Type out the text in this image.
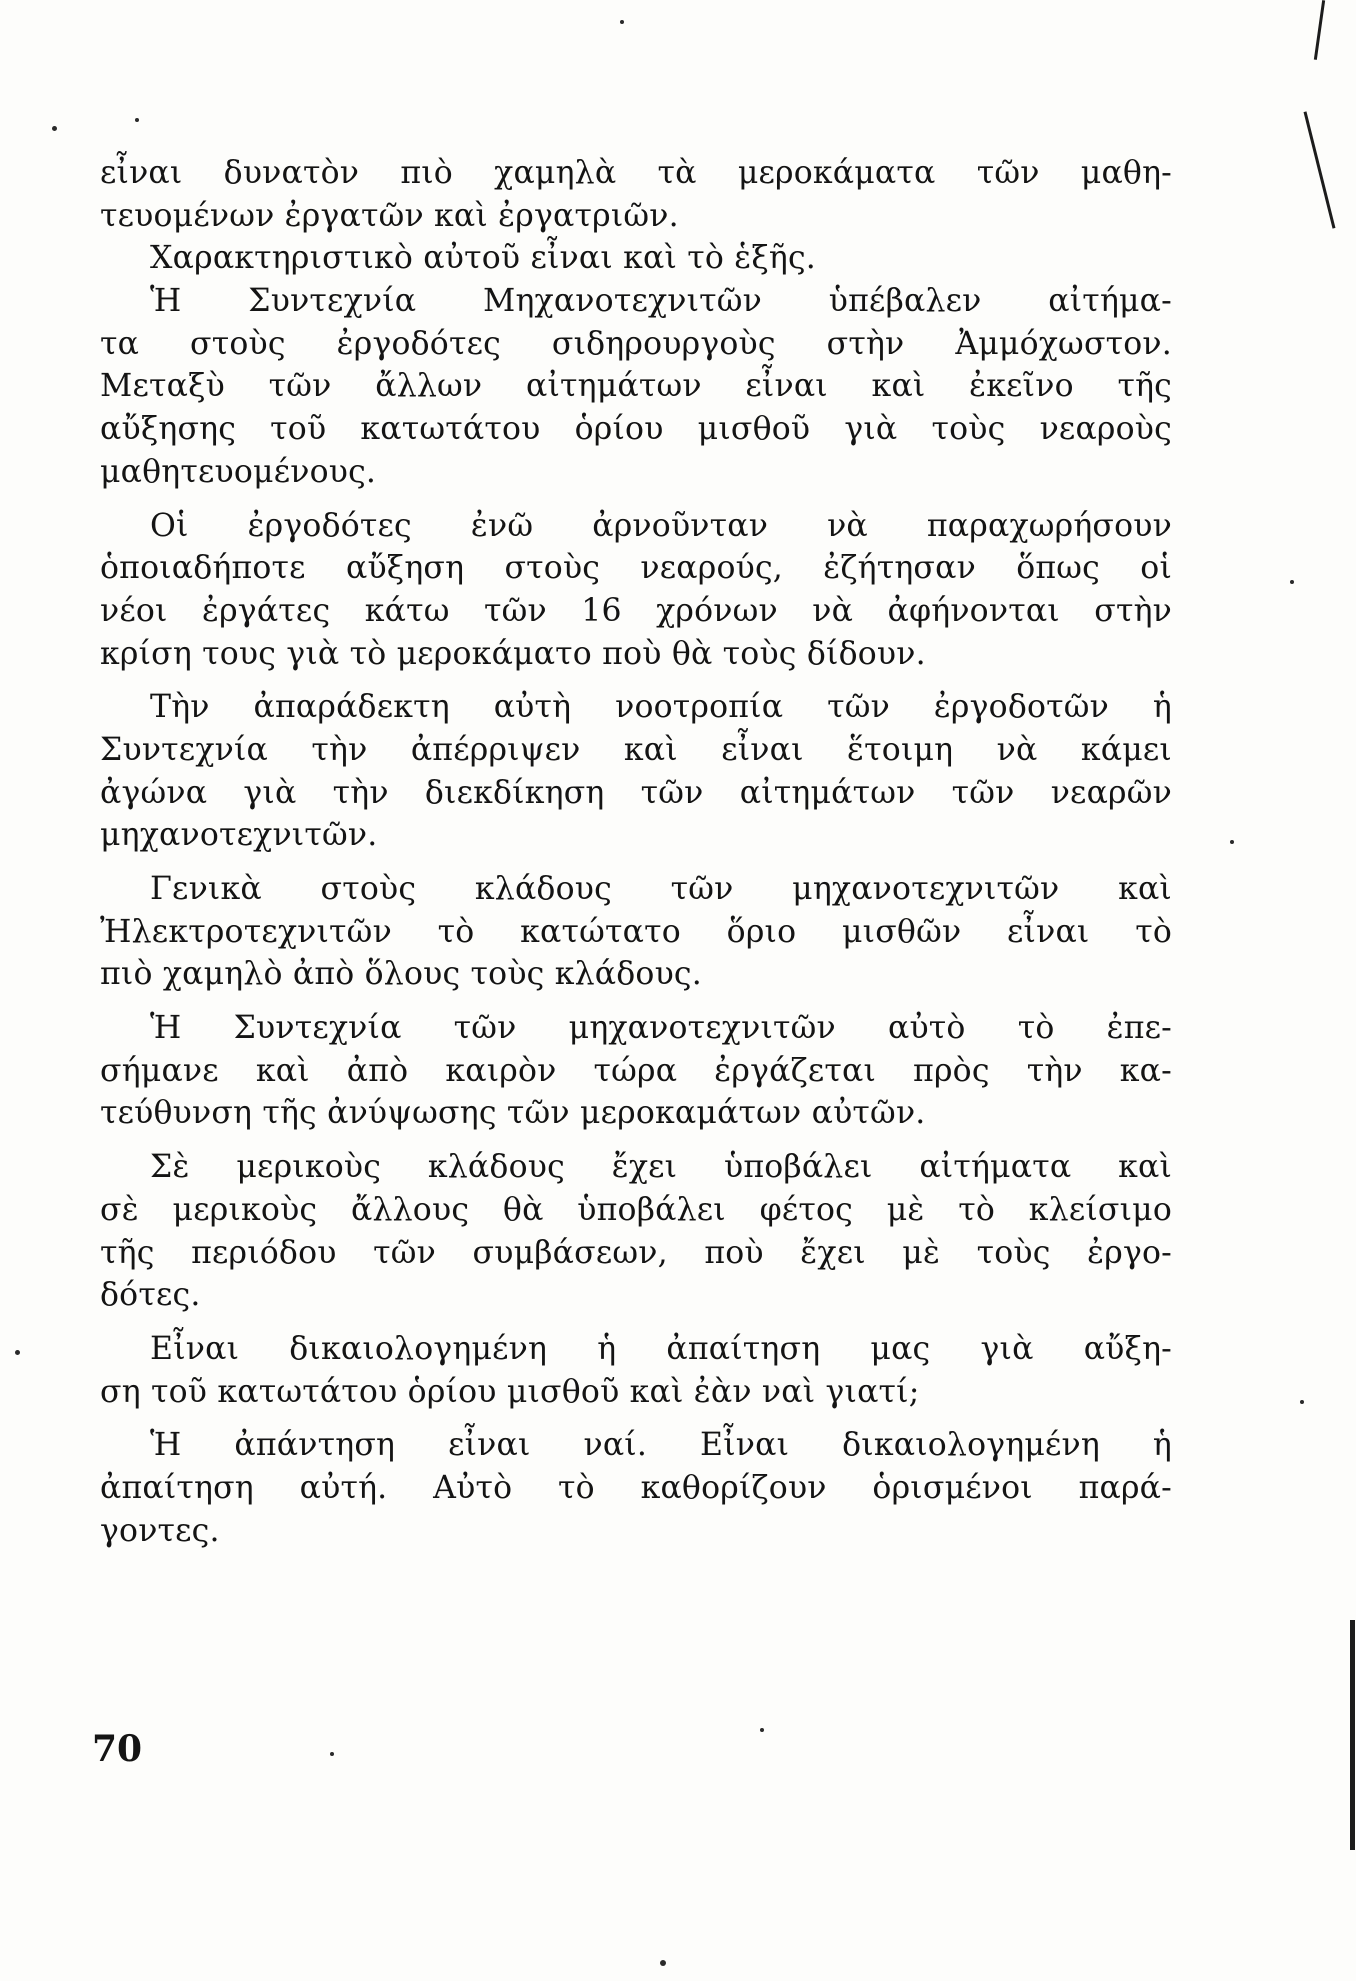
εἶναι δυνατὸν πιὸ χαμηλὰ τὰ μεροκάματα τῶν μαθη-
τευομένων ἐργατῶν καὶ ἐργατριῶν.
Χαρακτηριστικὸ αὐτοῦ εἶναι καὶ τὸ ἑξῆς.
Ἡ Συντεχνία Μηχανοτεχνιτῶν ὑπέβαλεν αἰτήμα-
τα στοὺς ἐργοδότες σιδηρουργοὺς στὴν Ἀμμόχωστον.
Μεταξὺ τῶν ἄλλων αἰτημάτων εἶναι καὶ ἐκεῖνο τῆς
αὔξησης τοῦ κατωτάτου ὁρίου μισθοῦ γιὰ τοὺς νεαροὺς
μαθητευομένους.
Οἱ ἐργοδότες ἐνῶ ἀρνοῦνταν νὰ παραχωρήσουν
ὁποιαδήποτε αὔξηση στοὺς νεαρούς, ἐζήτησαν ὅπως οἱ
νέοι ἐργάτες κάτω τῶν 16 χρόνων νὰ ἀφήνονται στὴν
κρίση τους γιὰ τὸ μεροκάματο ποὺ θὰ τοὺς δίδουν.
Τὴν ἀπαράδεκτη αὐτὴ νοοτροπία τῶν ἐργοδοτῶν ἡ
Συντεχνία τὴν ἀπέρριψεν καὶ εἶναι ἕτοιμη νὰ κάμει
ἀγώνα γιὰ τὴν διεκδίκηση τῶν αἰτημάτων τῶν νεαρῶν
μηχανοτεχνιτῶν.
Γενικὰ στοὺς κλάδους τῶν μηχανοτεχνιτῶν καὶ
Ἠλεκτροτεχνιτῶν τὸ κατώτατο ὅριο μισθῶν εἶναι τὸ
πιὸ χαμηλὸ ἀπὸ ὅλους τοὺς κλάδους.
Ἡ Συντεχνία τῶν μηχανοτεχνιτῶν αὐτὸ τὸ ἐπε-
σήμανε καὶ ἀπὸ καιρὸν τώρα ἐργάζεται πρὸς τὴν κα-
τεύθυνση τῆς ἀνύψωσης τῶν μεροκαμάτων αὐτῶν.
Σὲ μερικοὺς κλάδους ἔχει ὑποβάλει αἰτήματα καὶ
σὲ μερικοὺς ἄλλους θὰ ὑποβάλει φέτος μὲ τὸ κλείσιμο
τῆς περιόδου τῶν συμβάσεων, ποὺ ἔχει μὲ τοὺς ἐργο-
δότες.
Εἶναι δικαιολογημένη ἡ ἀπαίτηση μας γιὰ αὔξη-
ση τοῦ κατωτάτου ὁρίου μισθοῦ καὶ ἐὰν ναὶ γιατί;
Ἡ ἀπάντηση εἶναι ναί. Εἶναι δικαιολογημένη ἡ
ἀπαίτηση αὐτή. Αὐτὸ τὸ καθορίζουν ὁρισμένοι παρά-
γοντες.
70
